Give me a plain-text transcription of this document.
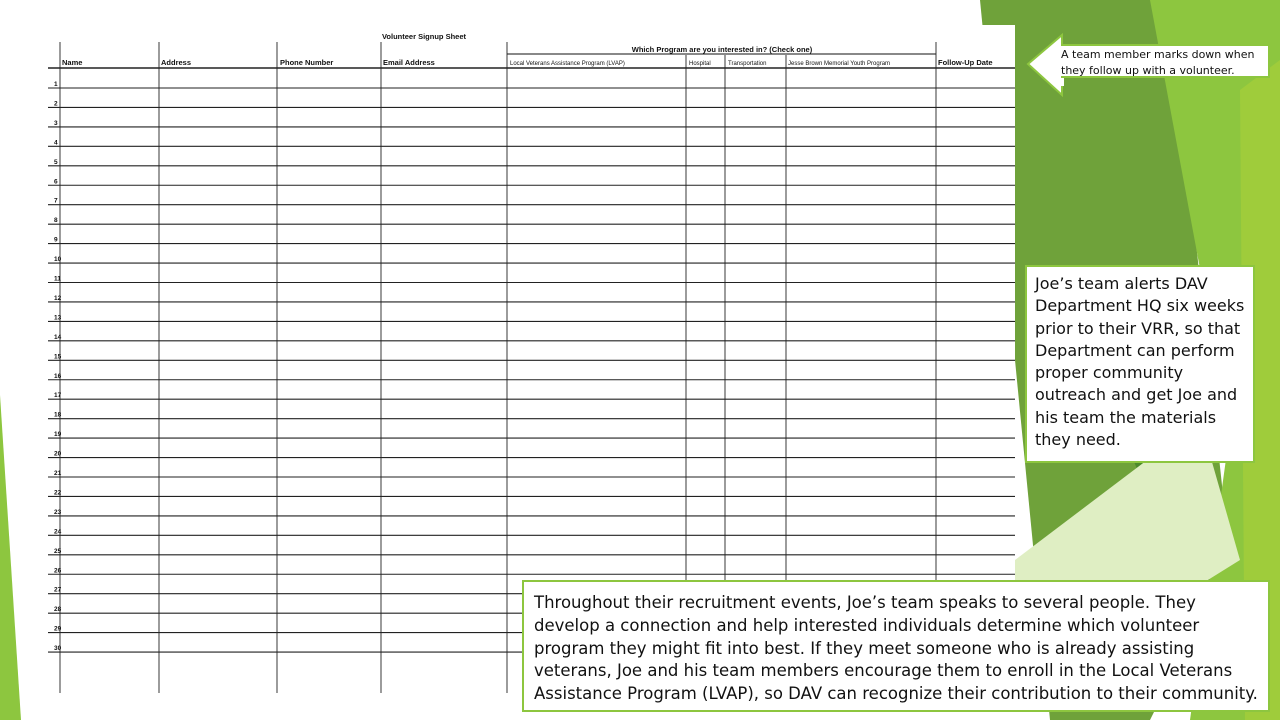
Volunteer Signup Sheet
Which Program are you interested in? (Check one)
Name	Address	Phone Number	Email Address	Local Veterans Assistance Program (LVAP)	Hospital	Transportation	Jesse Brown Memorial Youth Program	Follow-Up Date
1
2
3
4
5
6
7
8
9
10
11
12
13
14
15
16
17
18
19
20
21
22
23
24
25
26
27
28
29
30
A team member marks down when they follow up with a volunteer.
Joe’s team alerts DAV Department HQ six weeks prior to their VRR, so that Department can perform proper community outreach and get Joe and his team the materials they need.
Throughout their recruitment events, Joe’s team speaks to several people. They develop a connection and help interested individuals determine which volunteer program they might fit into best. If they meet someone who is already assisting veterans, Joe and his team members encourage them to enroll in the Local Veterans Assistance Program (LVAP), so DAV can recognize their contribution to their community.
